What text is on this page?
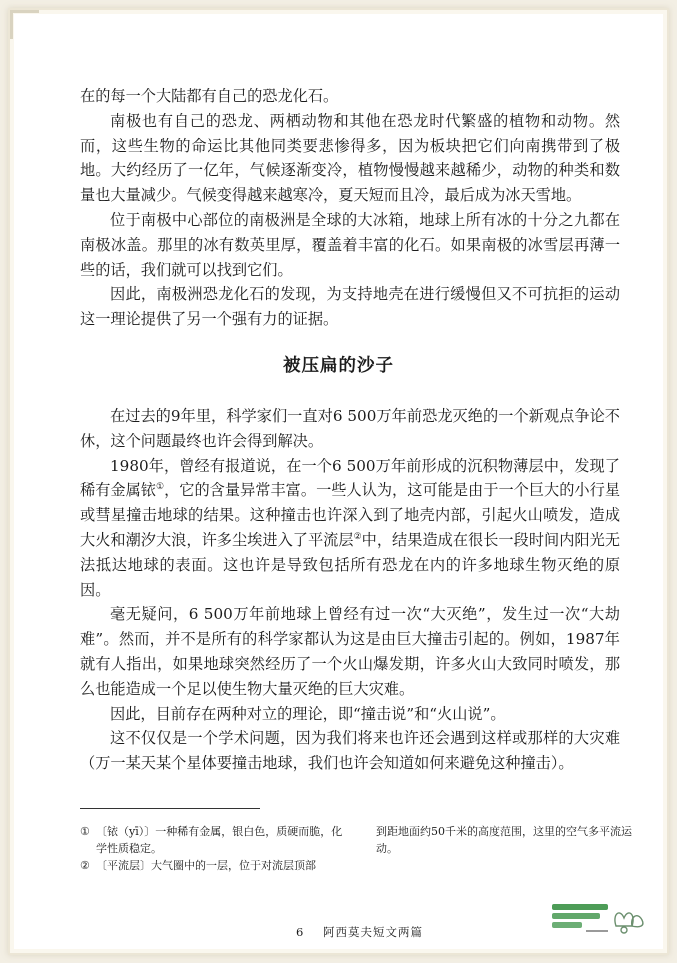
在的每一个大陆都有自己的恐龙化石。

南极也有自己的恐龙、两栖动物和其他在恐龙时代繁盛的植物和动物。然而，这些生物的命运比其他同类要悲惨得多，因为板块把它们向南携带到了极地。大约经历了一亿年，气候逐渐变冷，植物慢慢越来越稀少，动物的种类和数量也大量减少。气候变得越来越寒冷，夏天短而且冷，最后成为冰天雪地。

位于南极中心部位的南极洲是全球的大冰箱，地球上所有冰的十分之九都在南极冰盖。那里的冰有数英里厚，覆盖着丰富的化石。如果南极的冰雪层再薄一些的话，我们就可以找到它们。

因此，南极洲恐龙化石的发现，为支持地壳在进行缓慢但又不可抗拒的运动这一理论提供了另一个强有力的证据。

被压扁的沙子

在过去的9年里，科学家们一直对6 500万年前恐龙灭绝的一个新观点争论不休，这个问题最终也许会得到解决。

1980年，曾经有报道说，在一个6 500万年前形成的沉积物薄层中，发现了稀有金属铱①，它的含量异常丰富。一些人认为，这可能是由于一个巨大的小行星或彗星撞击地球的结果。这种撞击也许深入到了地壳内部，引起火山喷发，造成大火和潮汐大浪，许多尘埃进入了平流层②中，结果造成在很长一段时间内阳光无法抵达地球的表面。这也许是导致包括所有恐龙在内的许多地球生物灭绝的原因。

毫无疑问，6 500万年前地球上曾经有过一次“大灭绝”，发生过一次“大劫难”。然而，并不是所有的科学家都认为这是由巨大撞击引起的。例如，1987年就有人指出，如果地球突然经历了一个火山爆发期，许多火山大致同时喷发，那么也能造成一个足以使生物大量灭绝的巨大灾难。

因此，目前存在两种对立的理论，即“撞击说”和“火山说”。

这不仅仅是一个学术问题，因为我们将来也许还会遇到这样或那样的大灾难（万一某天某个星体要撞击地球，我们也许会知道如何来避免这种撞击）。

① 〔铱（yī）〕一种稀有金属，银白色，质硬而脆，化学性质稳定。
② 〔平流层〕大气圈中的一层，位于对流层顶部
到距地面约50千米的高度范围，这里的空气多平流运动。
6 阿西莫夫短文两篇
